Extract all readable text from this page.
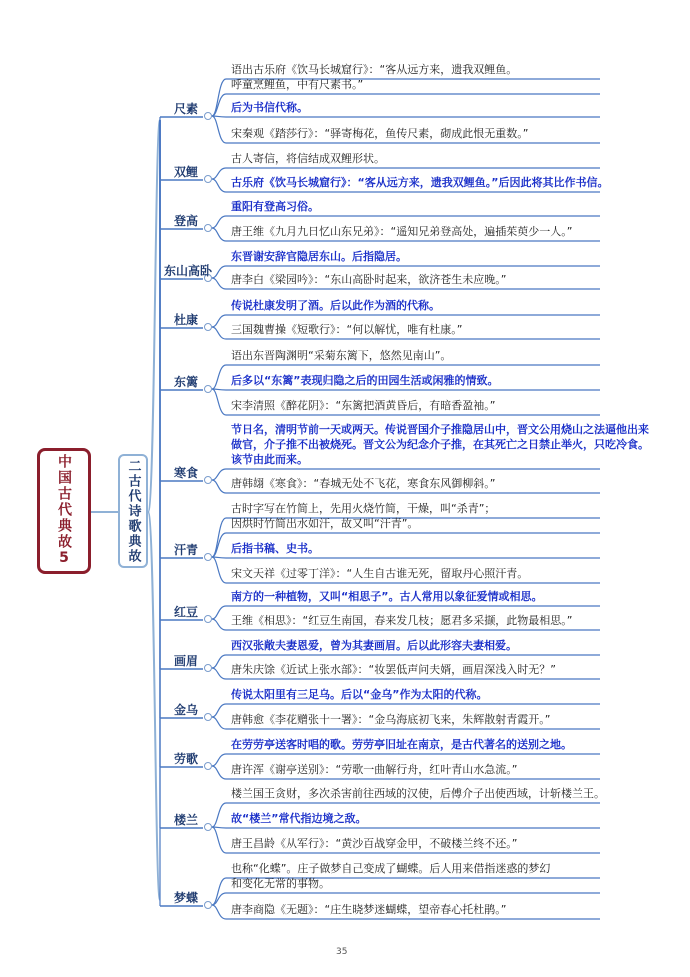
中国古代典故5	二古代诗歌典故
尺素
语出古乐府《饮马长城窟行》：“客从远方来，遗我双鲤鱼。
呼童烹鲤鱼，中有尺素书。”
后为书信代称。
宋秦观《踏莎行》：“驿寄梅花，鱼传尺素，砌成此恨无重数。”
双鲤
古人寄信，将信结成双鲤形状。
古乐府《饮马长城窟行》：“客从远方来，遗我双鲤鱼。”后因此将其比作书信。
登高
重阳有登高习俗。
唐王维《九月九日忆山东兄弟》：“遥知兄弟登高处，遍插茱萸少一人。”
东山高卧
东晋谢安辞官隐居东山。后指隐居。
唐李白《梁园吟》：“东山高卧时起来，欲济苍生未应晚。”
杜康
传说杜康发明了酒。后以此作为酒的代称。
三国魏曹操《短歌行》：“何以解忧，唯有杜康。”
东篱
语出东晋陶渊明“采菊东篱下，悠然见南山”。
后多以“东篱”表现归隐之后的田园生活或闲雅的情致。
宋李清照《醉花阴》：“东篱把酒黄昏后，有暗香盈袖。”
寒食
节日名，清明节前一天或两天。传说晋国介子推隐居山中，晋文公用烧山之法逼他出来做官，介子推不出被烧死。晋文公为纪念介子推，在其死亡之日禁止举火，只吃冷食。该节由此而来。
唐韩翃《寒食》：“春城无处不飞花，寒食东风御柳斜。”
汗青
古时字写在竹简上，先用火烧竹简，干燥，叫“杀青”；
因烘时竹简出水如汗，故又叫“汗青”。
后指书稿、史书。
宋文天祥《过零丁洋》：“人生自古谁无死，留取丹心照汗青。
红豆
南方的一种植物，又叫“相思子”。古人常用以象征爱情或相思。
王维《相思》：“红豆生南国，春来发几枝；愿君多采撷，此物最相思。”
画眉
西汉张敞夫妻恩爱，曾为其妻画眉。后以此形容夫妻相爱。
唐朱庆馀《近试上张水部》：“妆罢低声问夫婿，画眉深浅入时无？”
金乌
传说太阳里有三足乌。后以“金乌”作为太阳的代称。
唐韩愈《李花赠张十一署》：“金乌海底初飞来，朱辉散射青霞开。”
劳歌
在劳劳亭送客时唱的歌。劳劳亭旧址在南京，是古代著名的送别之地。
唐许浑《谢亭送别》：“劳歌一曲解行舟，红叶青山水急流。”
楼兰
楼兰国王贪财，多次杀害前往西域的汉使，后傅介子出使西域，计斩楼兰王。
故“楼兰”常代指边境之敌。
唐王昌龄《从军行》：“黄沙百战穿金甲，不破楼兰终不还。”
梦蝶
也称“化蝶”。庄子做梦自己变成了蝴蝶。后人用来借指迷惑的梦幻
和变化无常的事物。
唐李商隐《无题》：“庄生晓梦迷蝴蝶，望帝春心托杜鹃。”
35
